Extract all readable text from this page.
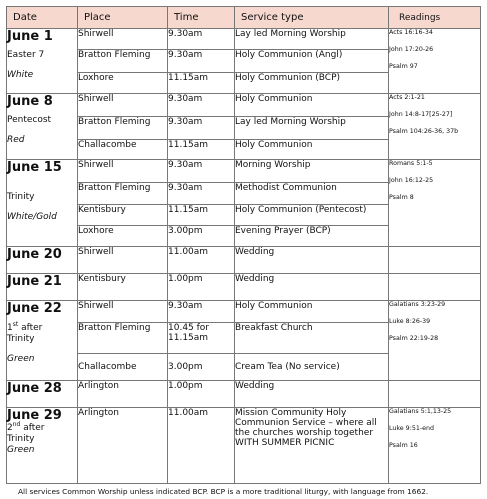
Date	Place	Time	Service type	Readings

June 1
Easter 7
White	Shirwell	9.30am	Lay led Morning Worship	Acts 16:16-34
John 17:20-26
Psalm 97

	Bratton Fleming	9.30am	Holy Communion (Angl)	
	Loxhore	11.15am	Holy Communion (BCP)	

June 8
Pentecost
Red	Shirwell	9.30am	Holy Communion	Acts 2:1-21
John 14:8-17[25-27]
Psalm 104:26-36, 37b

	Bratton Fleming	9.30am	Lay led Morning Worship	
	Challacombe	11.15am	Holy Communion	

June 15
Trinity
White/Gold	Shirwell	9.30am	Morning Worship	Romans 5:1-5
John 16:12-25
Psalm 8

	Bratton Fleming	9.30am	Methodist Communion	
	Kentisbury	11.15am	Holy Communion (Pentecost)	
	Loxhore	3.00pm	Evening Prayer (BCP)	

June 20	Shirwell	11.00am	Wedding	

June 21	Kentisbury	1.00pm	Wedding	

June 22
1st after
Trinity
Green	Shirwell	9.30am	Holy Communion	Galatians 3:23-29
Luke 8:26-39
Psalm 22:19-28

	Bratton Fleming	10.45 for 11.15am	Breakfast Church	
	Challacombe	3.00pm	Cream Tea (No service)	

June 28	Arlington	1.00pm	Wedding	

June 29
2nd after
Trinity
Green	Arlington	11.00am	Mission Community Holy Communion Service – where all the churches worship together
WITH SUMMER PICNIC	Galatians 5:1,13-25
Luke 9:51-end
Psalm 16
All services Common Worship unless indicated BCP. BCP is a more traditional liturgy, with language from 1662.
